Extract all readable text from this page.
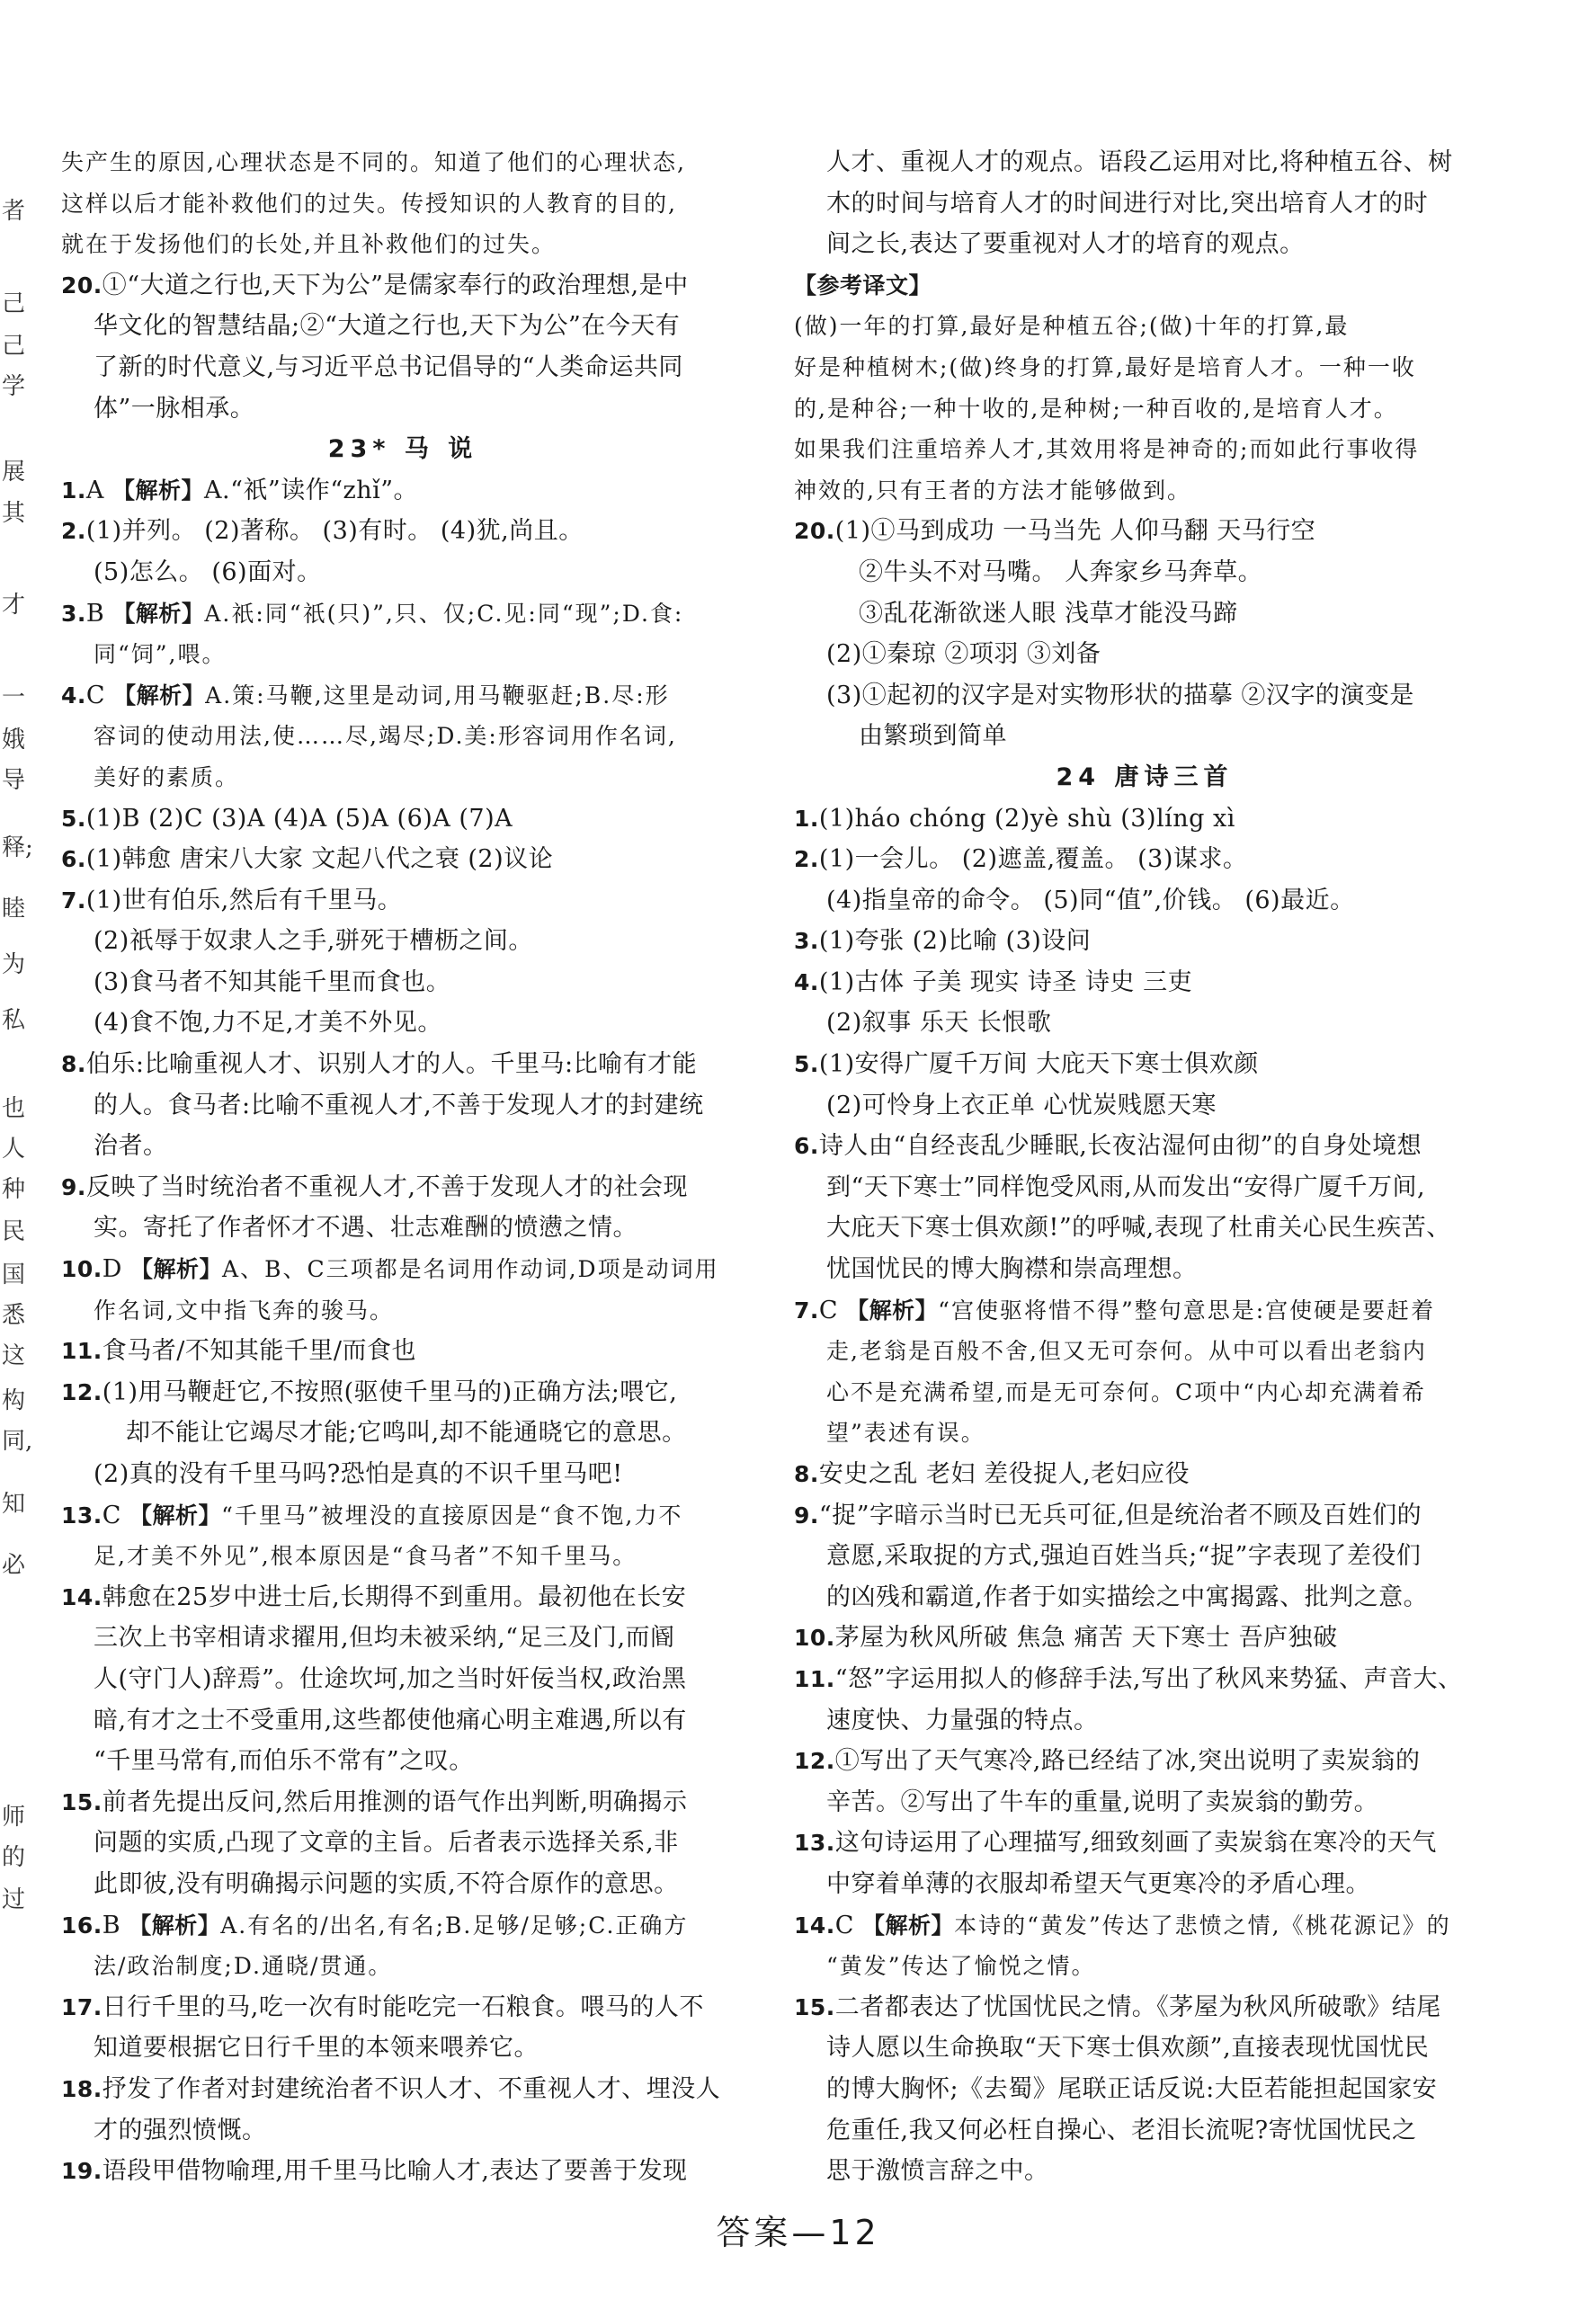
者
己
己
学
展
其
才
一
娥
导
释;
睦
为
私
也
人
种
民
国
悉
这
构
同,
知
必
师
的
过
失产生的原因,心理状态是不同的。知道了他们的心理状态,
这样以后才能补救他们的过失。传授知识的人教育的目的,
就在于发扬他们的长处,并且补救他们的过失。
20.①“大道之行也,天下为公”是儒家奉行的政治理想,是中
华文化的智慧结晶;②“大道之行也,天下为公”在今天有
了新的时代意义,与习近平总书记倡导的“人类命运共同
体”一脉相承。
23* 马 说
1.A 【解析】A.“祇”读作“zhǐ”。
2.(1)并列。 (2)著称。 (3)有时。 (4)犹,尚且。
(5)怎么。 (6)面对。
3.B 【解析】A.祇:同“祇(只)”,只、仅;C.见:同“现”;D.食:
同“饲”,喂。
4.C 【解析】A.策:马鞭,这里是动词,用马鞭驱赶;B.尽:形
容词的使动用法,使……尽,竭尽;D.美:形容词用作名词,
美好的素质。
5.(1)B (2)C (3)A (4)A (5)A (6)A (7)A
6.(1)韩愈 唐宋八大家 文起八代之衰 (2)议论
7.(1)世有伯乐,然后有千里马。
(2)祇辱于奴隶人之手,骈死于槽枥之间。
(3)食马者不知其能千里而食也。
(4)食不饱,力不足,才美不外见。
8.伯乐:比喻重视人才、识别人才的人。千里马:比喻有才能
的人。食马者:比喻不重视人才,不善于发现人才的封建统
治者。
9.反映了当时统治者不重视人才,不善于发现人才的社会现
实。寄托了作者怀才不遇、壮志难酬的愤懑之情。
10.D 【解析】A、B、C三项都是名词用作动词,D项是动词用
作名词,文中指飞奔的骏马。
11.食马者/不知其能千里/而食也
12.(1)用马鞭赶它,不按照(驱使千里马的)正确方法;喂它,
却不能让它竭尽才能;它鸣叫,却不能通晓它的意思。
(2)真的没有千里马吗?恐怕是真的不识千里马吧!
13.C 【解析】“千里马”被埋没的直接原因是“食不饱,力不
足,才美不外见”,根本原因是“食马者”不知千里马。
14.韩愈在25岁中进士后,长期得不到重用。最初他在长安
三次上书宰相请求擢用,但均未被采纳,“足三及门,而阍
人(守门人)辞焉”。仕途坎坷,加之当时奸佞当权,政治黑
暗,有才之士不受重用,这些都使他痛心明主难遇,所以有
“千里马常有,而伯乐不常有”之叹。
15.前者先提出反问,然后用推测的语气作出判断,明确揭示
问题的实质,凸现了文章的主旨。后者表示选择关系,非
此即彼,没有明确揭示问题的实质,不符合原作的意思。
16.B 【解析】A.有名的/出名,有名;B.足够/足够;C.正确方
法/政治制度;D.通晓/贯通。
17.日行千里的马,吃一次有时能吃完一石粮食。喂马的人不
知道要根据它日行千里的本领来喂养它。
18.抒发了作者对封建统治者不识人才、不重视人才、埋没人
才的强烈愤慨。
19.语段甲借物喻理,用千里马比喻人才,表达了要善于发现
人才、重视人才的观点。语段乙运用对比,将种植五谷、树
木的时间与培育人才的时间进行对比,突出培育人才的时
间之长,表达了要重视对人才的培育的观点。
【参考译文】
(做)一年的打算,最好是种植五谷;(做)十年的打算,最
好是种植树木;(做)终身的打算,最好是培育人才。一种一收
的,是种谷;一种十收的,是种树;一种百收的,是培育人才。
如果我们注重培养人才,其效用将是神奇的;而如此行事收得
神效的,只有王者的方法才能够做到。
20.(1)①马到成功 一马当先 人仰马翻 天马行空
②牛头不对马嘴。 人奔家乡马奔草。
③乱花渐欲迷人眼 浅草才能没马蹄
(2)①秦琼 ②项羽 ③刘备
(3)①起初的汉字是对实物形状的描摹 ②汉字的演变是
由繁琐到简单
24 唐诗三首
1.(1)háo chóng (2)yè shù (3)líng xì
2.(1)一会儿。 (2)遮盖,覆盖。 (3)谋求。
(4)指皇帝的命令。 (5)同“值”,价钱。 (6)最近。
3.(1)夸张 (2)比喻 (3)设问
4.(1)古体 子美 现实 诗圣 诗史 三吏
(2)叙事 乐天 长恨歌
5.(1)安得广厦千万间 大庇天下寒士俱欢颜
(2)可怜身上衣正单 心忧炭贱愿天寒
6.诗人由“自经丧乱少睡眠,长夜沾湿何由彻”的自身处境想
到“天下寒士”同样饱受风雨,从而发出“安得广厦千万间,
大庇天下寒士俱欢颜!”的呼喊,表现了杜甫关心民生疾苦、
忧国忧民的博大胸襟和崇高理想。
7.C 【解析】“宫使驱将惜不得”整句意思是:宫使硬是要赶着
走,老翁是百般不舍,但又无可奈何。从中可以看出老翁内
心不是充满希望,而是无可奈何。C项中“内心却充满着希
望”表述有误。
8.安史之乱 老妇 差役捉人,老妇应役
9.“捉”字暗示当时已无兵可征,但是统治者不顾及百姓们的
意愿,采取捉的方式,强迫百姓当兵;“捉”字表现了差役们
的凶残和霸道,作者于如实描绘之中寓揭露、批判之意。
10.茅屋为秋风所破 焦急 痛苦 天下寒士 吾庐独破
11.“怒”字运用拟人的修辞手法,写出了秋风来势猛、声音大、
速度快、力量强的特点。
12.①写出了天气寒冷,路已经结了冰,突出说明了卖炭翁的
辛苦。②写出了牛车的重量,说明了卖炭翁的勤劳。
13.这句诗运用了心理描写,细致刻画了卖炭翁在寒冷的天气
中穿着单薄的衣服却希望天气更寒冷的矛盾心理。
14.C 【解析】本诗的“黄发”传达了悲愤之情,《桃花源记》的
“黄发”传达了愉悦之情。
15.二者都表达了忧国忧民之情。《茅屋为秋风所破歌》结尾
诗人愿以生命换取“天下寒士俱欢颜”,直接表现忧国忧民
的博大胸怀;《去蜀》尾联正话反说:大臣若能担起国家安
危重任,我又何必枉自操心、老泪长流呢?寄忧国忧民之
思于激愤言辞之中。
答案—12
